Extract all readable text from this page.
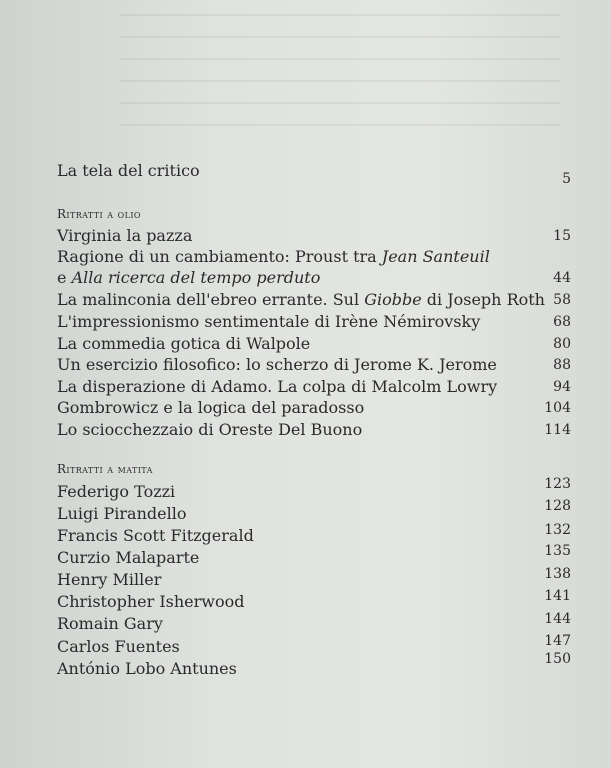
La tela del critico	5
Ritratti a olio
Virginia la pazza	15
Ragione di un cambiamento: Proust tra Jean Santeuil
e Alla ricerca del tempo perduto	44
La malinconia dell'ebreo errante. Sul Giobbe di Joseph Roth 58
L'impressionismo sentimentale di Irène Némirovsky	68
La commedia gotica di Walpole	80
Un esercizio filosofico: lo scherzo di Jerome K. Jerome	88
La disperazione di Adamo. La colpa di Malcolm Lowry	94
Gombrowicz e la logica del paradosso	104
Lo sciocchezzaio di Oreste Del Buono	114
Ritratti a matita
Federigo Tozzi	123
Luigi Pirandello	128
Francis Scott Fitzgerald	132
Curzio Malaparte	135
Henry Miller	138
Christopher Isherwood	141
Romain Gary	144
Carlos Fuentes	147
António Lobo Antunes	150
